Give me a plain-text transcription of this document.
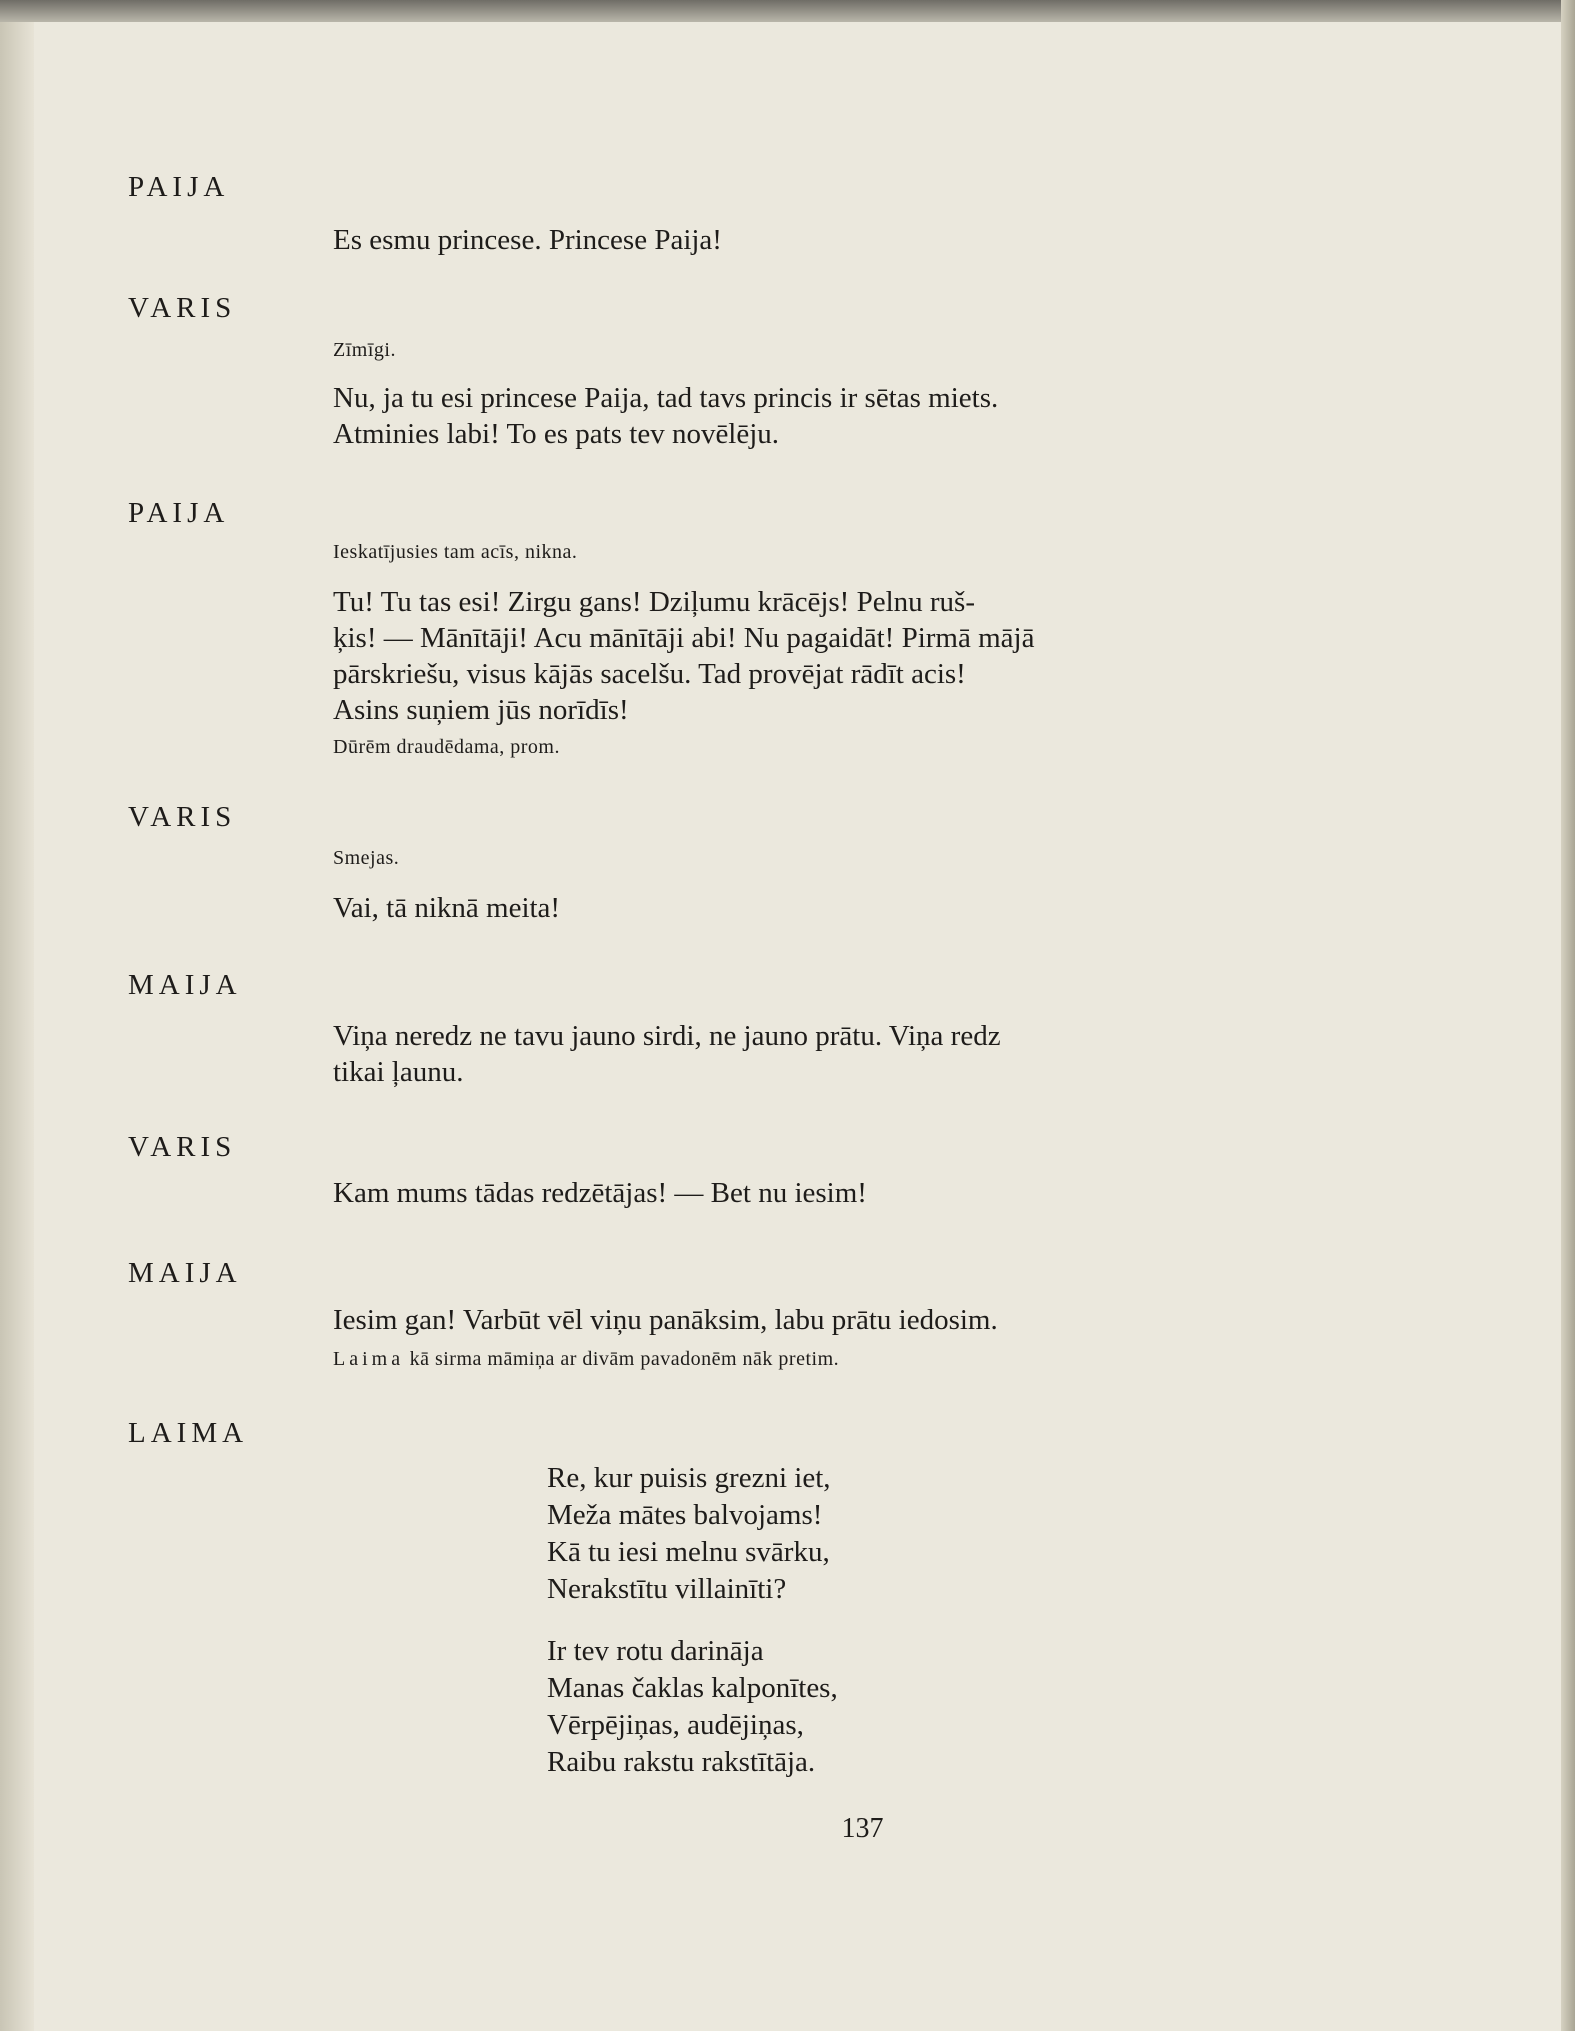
PAIJA
Es esmu princese. Princese Paija!
VARIS
Zīmīgi.
Nu, ja tu esi princese Paija, tad tavs princis ir sētas miets.
Atminies labi! To es pats tev novēlēju.
PAIJA
Ieskatījusies tam acīs, nikna.
Tu! Tu tas esi! Zirgu gans! Dziļumu krācējs! Pelnu ruš-
ķis! — Mānītāji! Acu mānītāji abi! Nu pagaidāt! Pirmā mājā
pārskriešu, visus kājās sacelšu. Tad provējat rādīt acis!
Asins suņiem jūs norīdīs!
Dūrēm draudēdama, prom.
VARIS
Smejas.
Vai, tā niknā meita!
MAIJA
Viņa neredz ne tavu jauno sirdi, ne jauno prātu. Viņa redz
tikai ļaunu.
VARIS
Kam mums tādas redzētājas! — Bet nu iesim!
MAIJA
Iesim gan! Varbūt vēl viņu panāksim, labu prātu iedosim.
Laima kā sirma māmiņa ar divām pavadonēm nāk pretim.
LAIMA
Re, kur puisis grezni iet,
Meža mātes balvojams!
Kā tu iesi melnu svārku,
Nerakstītu villainīti?
Ir tev rotu darināja
Manas čaklas kalponītes,
Vērpējiņas, audējiņas,
Raibu rakstu rakstītāja.
137
